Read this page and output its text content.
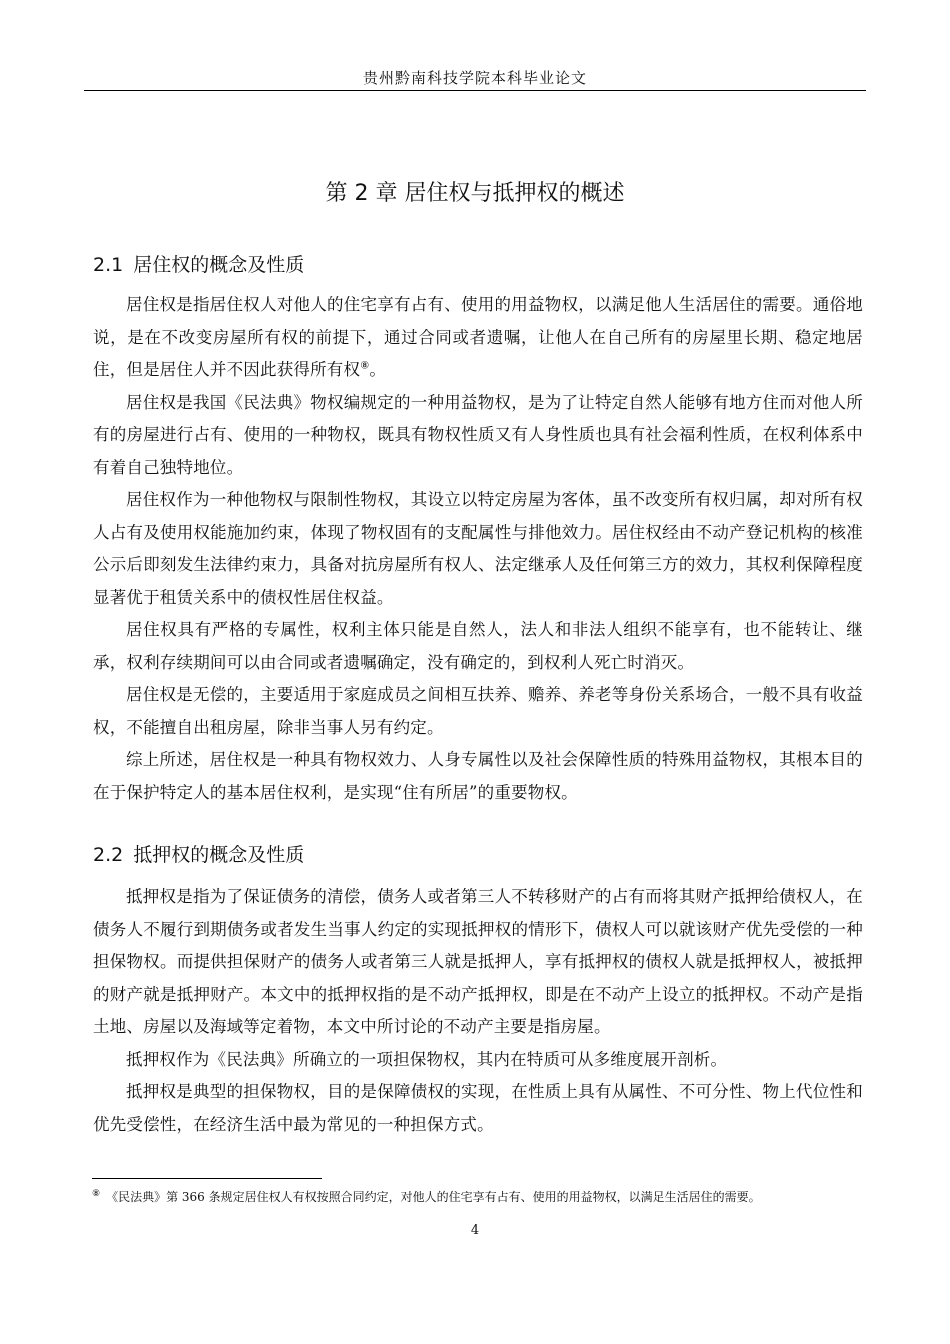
贵州黔南科技学院本科毕业论文
第 2 章 居住权与抵押权的概述
2.1 居住权的概念及性质

居住权是指居住权人对他人的住宅享有占有、使用的用益物权，以满足他人生活居住的需要。通俗地说，是在不改变房屋所有权的前提下，通过合同或者遗嘱，让他人在自己所有的房屋里长期、稳定地居住，但是居住人并不因此获得所有权⑧。

居住权是我国《民法典》物权编规定的一种用益物权，是为了让特定自然人能够有地方住而对他人所有的房屋进行占有、使用的一种物权，既具有物权性质又有人身性质也具有社会福利性质，在权利体系中有着自己独特地位。

居住权作为一种他物权与限制性物权，其设立以特定房屋为客体，虽不改变所有权归属，却对所有权人占有及使用权能施加约束，体现了物权固有的支配属性与排他效力。居住权经由不动产登记机构的核准公示后即刻发生法律约束力，具备对抗房屋所有权人、法定继承人及任何第三方的效力，其权利保障程度显著优于租赁关系中的债权性居住权益。

居住权具有严格的专属性，权利主体只能是自然人，法人和非法人组织不能享有，也不能转让、继承，权利存续期间可以由合同或者遗嘱确定，没有确定的，到权利人死亡时消灭。

居住权是无偿的，主要适用于家庭成员之间相互扶养、赡养、养老等身份关系场合，一般不具有收益权，不能擅自出租房屋，除非当事人另有约定。

综上所述，居住权是一种具有物权效力、人身专属性以及社会保障性质的特殊用益物权，其根本目的在于保护特定人的基本居住权利，是实现“住有所居”的重要物权。

2.2 抵押权的概念及性质

抵押权是指为了保证债务的清偿，债务人或者第三人不转移财产的占有而将其财产抵押给债权人，在债务人不履行到期债务或者发生当事人约定的实现抵押权的情形下，债权人可以就该财产优先受偿的一种担保物权。而提供担保财产的债务人或者第三人就是抵押人，享有抵押权的债权人就是抵押权人，被抵押的财产就是抵押财产。本文中的抵押权指的是不动产抵押权，即是在不动产上设立的抵押权。不动产是指土地、房屋以及海域等定着物，本文中所讨论的不动产主要是指房屋。

抵押权作为《民法典》所确立的一项担保物权，其内在特质可从多维度展开剖析。

抵押权是典型的担保物权，目的是保障债权的实现，在性质上具有从属性、不可分性、物上代位性和优先受偿性，在经济生活中最为常见的一种担保方式。

⑧ 《民法典》第 366 条规定居住权人有权按照合同约定，对他人的住宅享有占有、使用的用益物权，以满足生活居住的需要。

4
